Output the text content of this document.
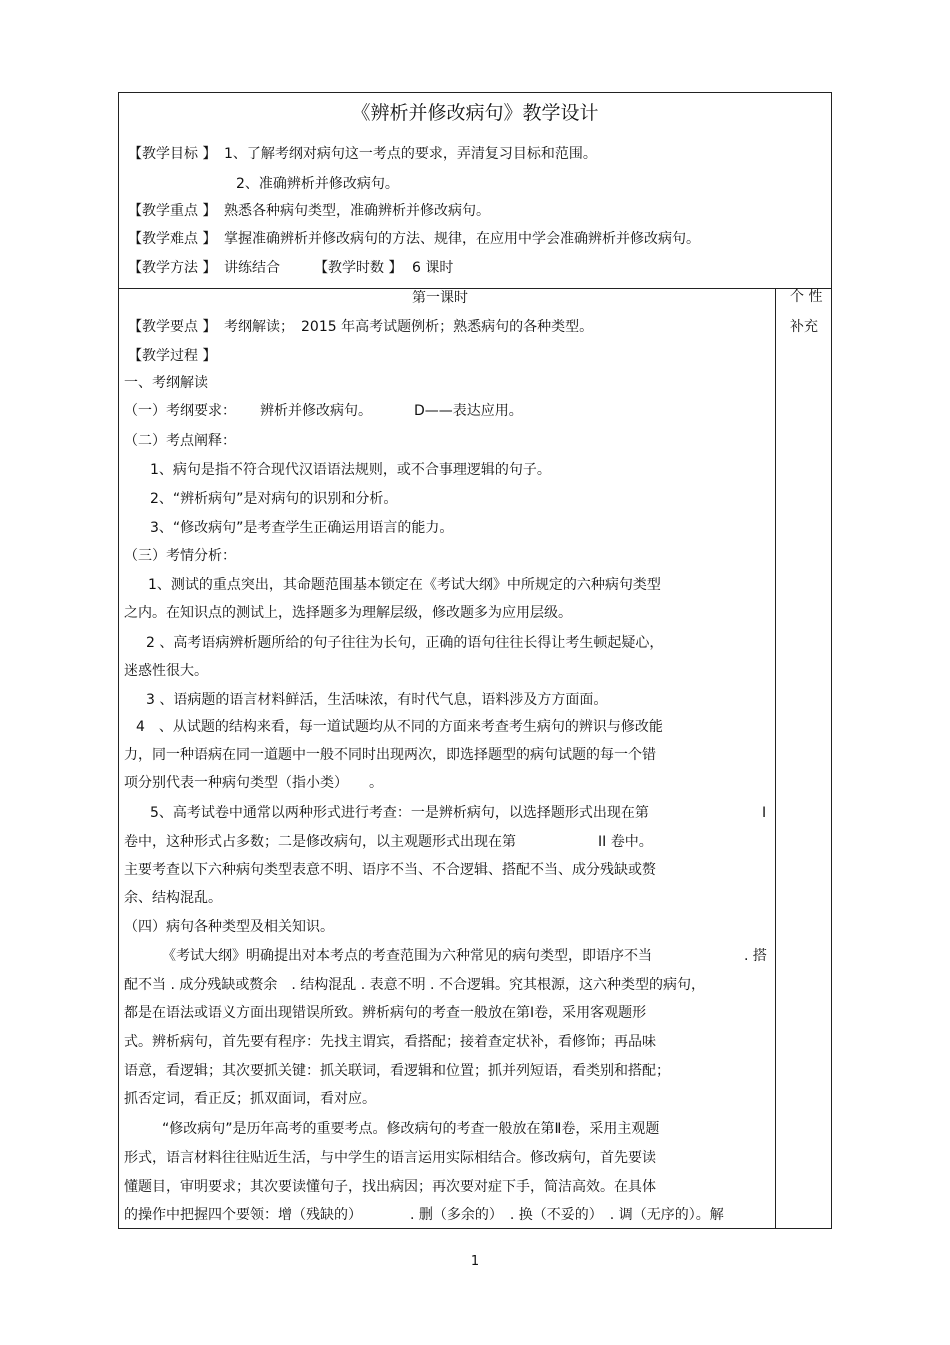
《辨析并修改病句》教学设计
【教学目标 】 1、了解考纲对病句这一考点的要求，弄清复习目标和范围。
2、准确辨析并修改病句。
【教学重点 】 熟悉各种病句类型，准确辨析并修改病句。
【教学难点 】 掌握准确辨析并修改病句的方法、规律，在应用中学会准确辨析并修改病句。
【教学方法 】 讲练结合 【教学时数 】 6 课时
个 性
补充
第一课时
【教学要点 】 考纲解读；　2015 年高考试题例析；熟悉病句的各种类型。
【教学过程 】
一、考纲解读
（一）考纲要求： 辨析并修改病句。	D——表达应用。
（二）考点阐释：
1、病句是指不符合现代汉语语法规则，或不合事理逻辑的句子。
2、“辨析病句”是对病句的识别和分析。
3、“修改病句”是考查学生正确运用语言的能力。
（三）考情分析：
1、测试的重点突出，其命题范围基本锁定在《考试大纲》中所规定的六种病句类型
之内。在知识点的测试上，选择题多为理解层级，修改题多为应用层级。
2 、高考语病辨析题所给的句子往往为长句，正确的语句往往长得让考生顿起疑心，
迷惑性很大。
3 、语病题的语言材料鲜活，生活味浓，有时代气息，语料涉及方方面面。
4　、从试题的结构来看，每一道试题均从不同的方面来考查考生病句的辨识与修改能
力，同一种语病在同一道题中一般不同时出现两次，即选择题型的病句试题的每一个错
项分别代表一种病句类型（指小类）　　。
5、高考试卷中通常以两种形式进行考查：一是辨析病句，以选择题形式出现在第	I
卷中，这种形式占多数；二是修改病句，以主观题形式出现在第	II 卷中。
主要考查以下六种病句类型表意不明、语序不当、不合逻辑、搭配不当、成分残缺或赘
余、结构混乱。
（四）病句各种类型及相关知识。
《考试大纲》明确提出对本考点的考查范围为六种常见的病句类型，即语序不当	. 搭
配不当 . 成分残缺或赘余　. 结构混乱 . 表意不明 . 不合逻辑。究其根源，这六种类型的病句，
都是在语法或语义方面出现错误所致。辨析病句的考查一般放在第Ⅰ卷，采用客观题形
式。辨析病句，首先要有程序：先找主谓宾，看搭配；接着查定状补，看修饰；再品味
语意，看逻辑；其次要抓关键：抓关联词，看逻辑和位置；抓并列短语，看类别和搭配；
抓否定词，看正反；抓双面词，看对应。
“修改病句”是历年高考的重要考点。修改病句的考查一般放在第Ⅱ卷，采用主观题
形式，语言材料往往贴近生活，与中学生的语言运用实际相结合。修改病句，首先要读
懂题目，审明要求；其次要读懂句子，找出病因；再次要对症下手，简洁高效。在具体
的操作中把握四个要领：增（残缺的）	. 删（多余的）　. 换（不妥的）　. 调（无序的）。解
1
